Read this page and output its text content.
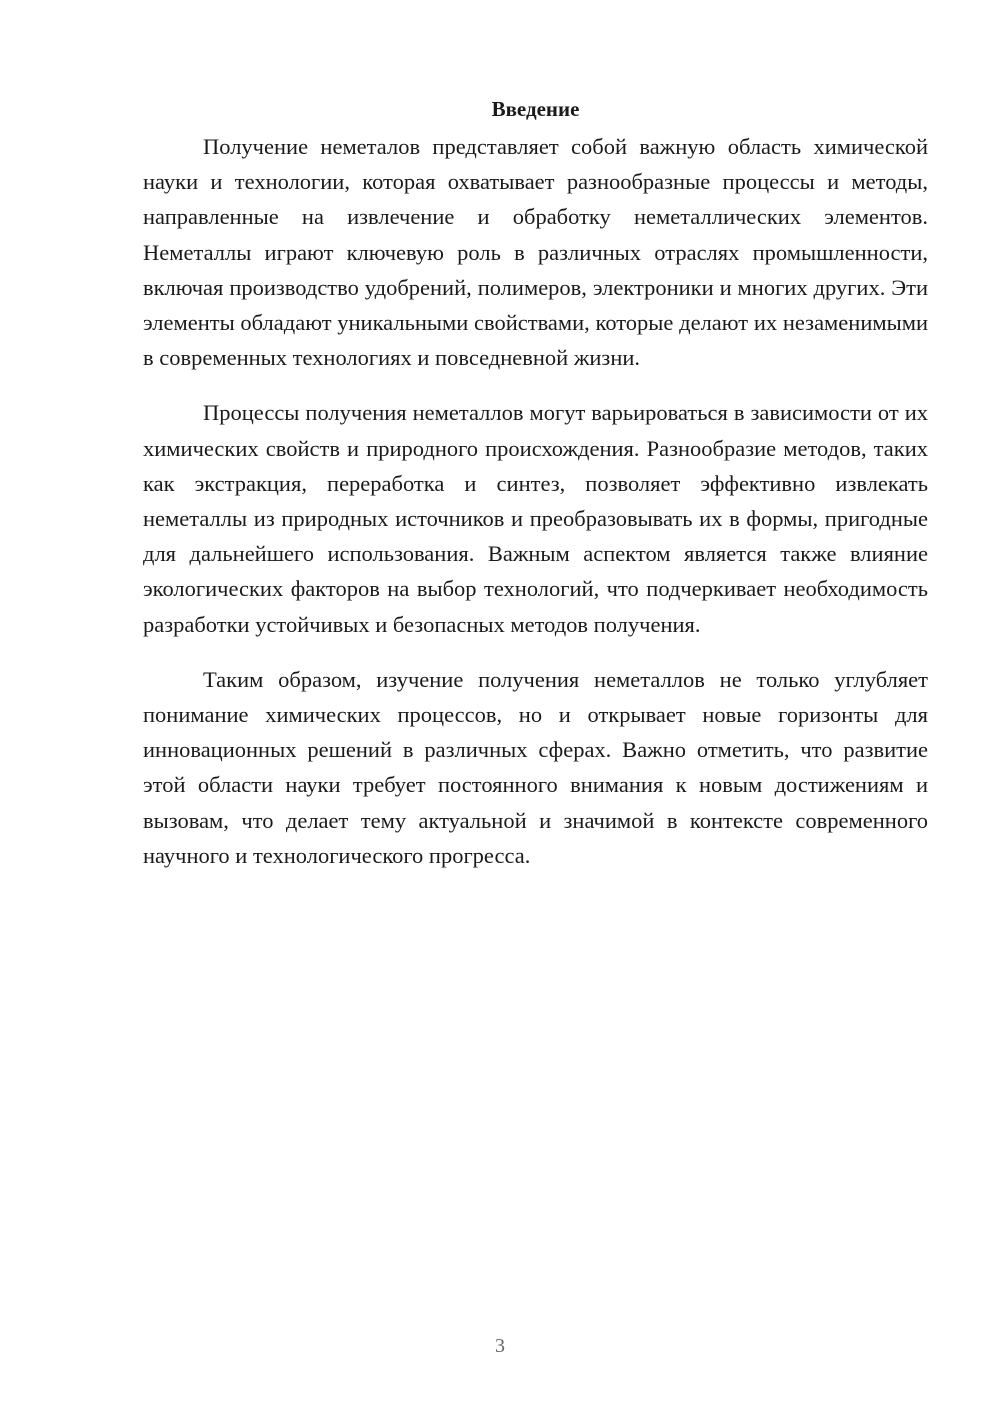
Введение

Получение неметалов представляет собой важную область химической науки и технологии, которая охватывает разнообразные процессы и методы, направленные на извлечение и обработку неметаллических элементов. Неметаллы играют ключевую роль в различных отраслях промышленности, включая производство удобрений, полимеров, электроники и многих других. Эти элементы обладают уникальными свойствами, которые делают их незаменимыми в современных технологиях и повседневной жизни.

Процессы получения неметаллов могут варьироваться в зависимости от их химических свойств и природного происхождения. Разнообразие методов, таких как экстракция, переработка и синтез, позволяет эффективно извлекать неметаллы из природных источников и преобразовывать их в формы, пригодные для дальнейшего использования. Важным аспектом является также влияние экологических факторов на выбор технологий, что подчеркивает необходимость разработки устойчивых и безопасных методов получения.

Таким образом, изучение получения неметаллов не только углубляет понимание химических процессов, но и открывает новые горизонты для инновационных решений в различных сферах. Важно отметить, что развитие этой области науки требует постоянного внимания к новым достижениям и вызовам, что делает тему актуальной и значимой в контексте современного научного и технологического прогресса.

3
